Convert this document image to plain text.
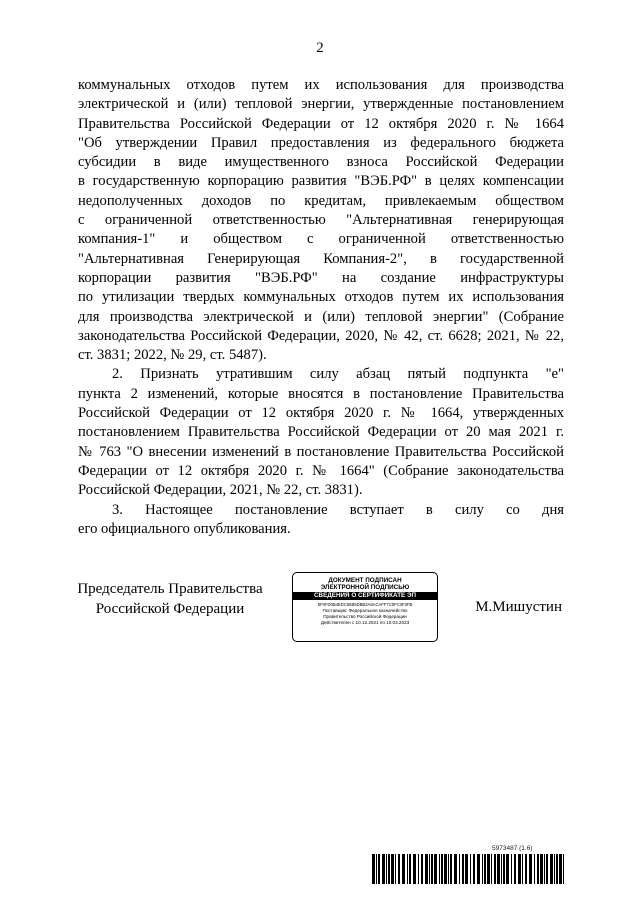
2
коммунальных отходов путем их использования для производства
электрической и (или) тепловой энергии, утвержденные постановлением
Правительства Российской Федерации от 12 октября 2020 г. № 1664
"Об утверждении Правил предоставления из федерального бюджета
субсидии в виде имущественного взноса Российской Федерации
в государственную корпорацию развития "ВЭБ.РФ" в целях компенсации
недополученных доходов по кредитам, привлекаемым обществом
с ограниченной ответственностью "Альтернативная генерирующая
компания-1" и обществом с ограниченной ответственностью
"Альтернативная Генерирующая Компания-2", в государственной
корпорации развития "ВЭБ.РФ" на создание инфраструктуры
по утилизации твердых коммунальных отходов путем их использования
для производства электрической и (или) тепловой энергии" (Собрание
законодательства Российской Федерации, 2020, № 42, ст. 6628; 2021, № 22,
ст. 3831; 2022, № 29, ст. 5487).
2. Признать утратившим силу абзац пятый подпункта "е"
пункта 2 изменений, которые вносятся в постановление Правительства
Российской Федерации от 12 октября 2020 г. № 1664, утвержденных
постановлением Правительства Российской Федерации от 20 мая 2021 г.
№ 763 "О внесении изменений в постановление Правительства Российской
Федерации от 12 октября 2020 г. № 1664" (Собрание законодательства
Российской Федерации, 2021, № 22, ст. 3831).
3. Настоящее постановление вступает в силу со дня
его официального опубликования.
Председатель Правительства
Российской Федерации
ДОКУМЕНТ ПОДПИСАН
ЭЛЕКТРОННОЙ ПОДПИСЬЮ
СВЕДЕНИЯ О СЕРТИФИКАТЕ ЭП
5F0FD0B4EDC55B5DBB2A5ACAFF7C0FC3F3FB
Поставщик: Федеральное казначейство
Правительство Российской Федерации
Действителен с 10.12.2021 по 10.03.2023
М.Мишустин
5973487 (1.6)
